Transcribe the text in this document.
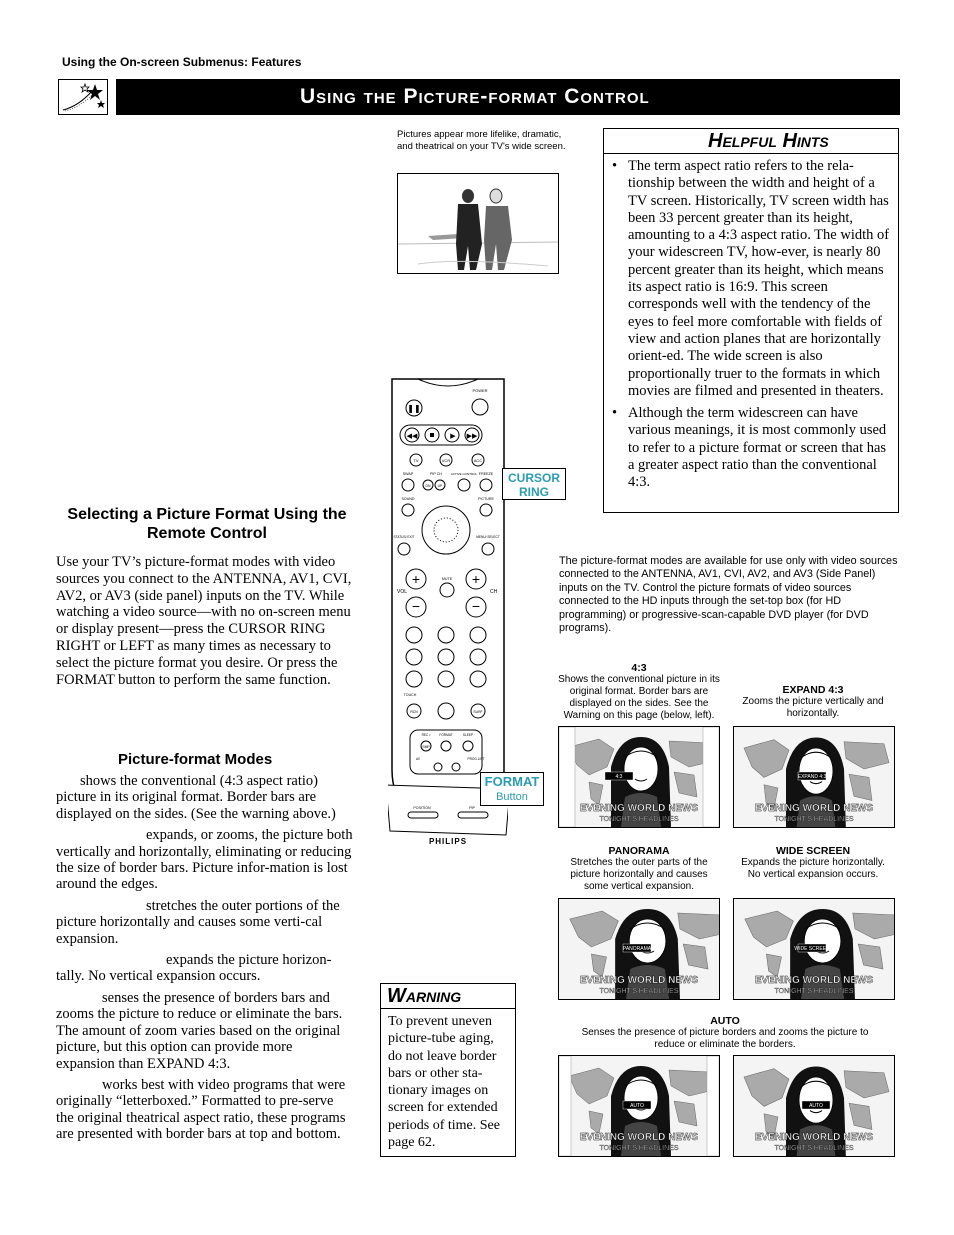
Using the On-screen Submenus: Features
Using the Picture-format Control
Pictures appear more lifelike, dramatic, and theatrical on your TV's wide screen.	Helpful Hints
• The term aspect ratio refers to the rela-tionship between the width and height of a TV screen. Historically, TV screen width has been 33 percent greater than its height, amounting to a 4:3 aspect ratio. The width of your widescreen TV, how-ever, is nearly 80 percent greater than its height, which means its aspect ratio is 16:9. This screen corresponds well with the tendency of the eyes to feel more comfortable with fields of view and action planes that are horizontally orient-ed. The wide screen is also proportionally truer to the formats in which movies are filmed and presented in theaters.
• Although the term widescreen can have various meanings, it is most commonly used to refer to a picture format or screen that has a greater aspect ratio than the conventional 4:3.
POWER
❚❚
◀◀	▶ ▶▶
TV	VCR	ACC
SWAP	PIP CH	ACTIVE CONTROL FREEZE
DN UP
SOUND	PICTURE
STATUS/ EXIT	MENU/ SELECT
+
−
VOL
MUTE +
−
CH
TOUCH
RCN	SURF
REC •	FORMAT	SLEEP
SMP
AV	PROG.LIST
POSITION	PIP
PHILIPS
CURSOR
RING
FORMAT
Button
Selecting a Picture Format Using the Remote Control
Use your TV’s picture-format modes with video sources you connect to the ANTENNA, AV1, CVI, AV2, or AV3 (side panel) inputs on the TV. While watching a video source—with no on-screen menu or display present—press the CURSOR RING RIGHT or LEFT as many times as necessary to select the picture format you desire. Or press the FORMAT button to perform the same function.
Picture-format Modes

shows the conventional (4:3 aspect ratio) picture in its original format. Border bars are displayed on the sides. (See the warning above.)

expands, or zooms, the picture both vertically and horizontally, eliminating or reducing the size of border bars. Picture infor-mation is lost around the edges.

stretches the outer portions of the picture horizontally and causes some verti-cal expansion.

expands the picture horizon-tally. No vertical expansion occurs.

senses the presence of borders bars and zooms the picture to reduce or eliminate the bars. The amount of zoom varies based on the original picture, but this option can provide more expansion than EXPAND 4:3.

works best with video programs that were originally “letterboxed.” Formatted to pre-serve the original theatrical aspect ratio, these programs are presented with border bars at top and bottom.

Warning
To prevent uneven picture-tube aging, do not leave border bars or other sta-tionary images on screen for extended periods of time. See page 62.
The picture-format modes are available for use only with video sources connected to the ANTENNA, AV1, CVI, AV2, and AV3 (Side Panel) inputs on the TV. Control the picture formats of video sources connected to the HD inputs through the set-top box (for HD programming) or progressive-scan-capable DVD player (for DVD programs).
4:3
Shows the conventional picture in its original format. Border bars are displayed on the sides. See the Warning on this page (below, left).
EXPAND 4:3
Zooms the picture vertically and horizontally.
PANORAMA
Stretches the outer parts of the picture horizontally and causes some vertical expansion.
WIDE SCREEN
Expands the picture horizontally. No vertical expansion occurs.
AUTO
Senses the presence of picture borders and zooms the picture to reduce or eliminate the borders.
EVENING WORLD NEWS
TONIGHT'S HEADLINES
4:3
EVENING WORLD NEWS
TONIGHT'S HEADLINES
EXPAND 4:3
EVENING WORLD NEWS
TONIGHT'S HEADLINES
PANORAMA
EVENING WORLD NEWS
TONIGHT'S HEADLINES
WIDE SCREEN
EVENING WORLD NEWS
TONIGHT'S HEADLINES
AUTO
EVENING WORLD NEWS
TONIGHT'S HEADLINES
AUTO
